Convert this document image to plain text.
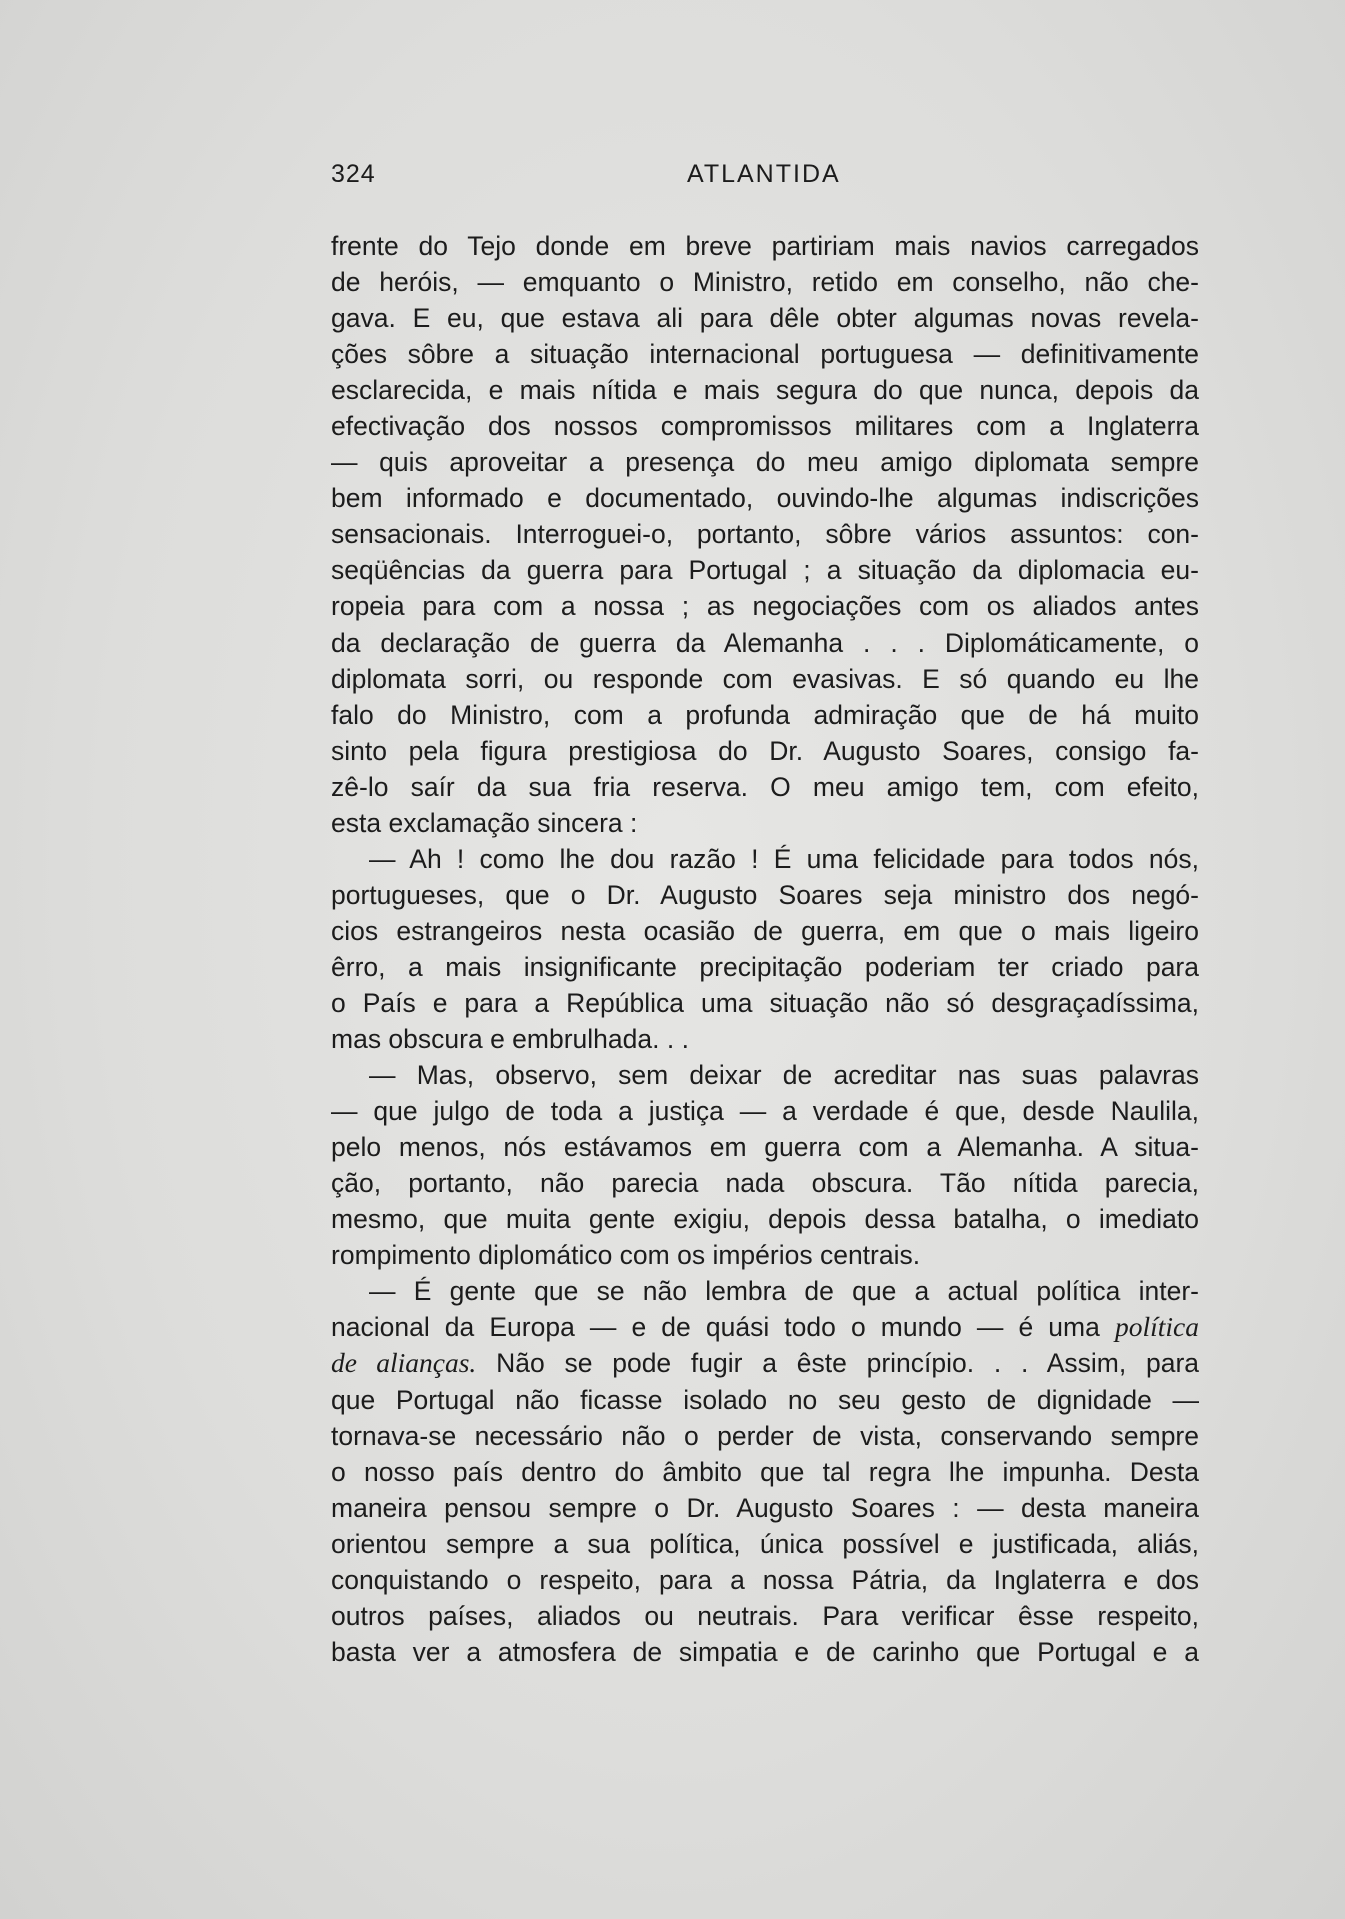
324	ATLANTIDA
frente do Tejo donde em breve partiriam mais navios carregados
de heróis, — emquanto o Ministro, retido em conselho, não che-
gava. E eu, que estava ali para dêle obter algumas novas revela-
ções sôbre a situação internacional portuguesa — definitivamente
esclarecida, e mais nítida e mais segura do que nunca, depois da
efectivação dos nossos compromissos militares com a Inglaterra
— quis aproveitar a presença do meu amigo diplomata sempre
bem informado e documentado, ouvindo-lhe algumas indiscrições
sensacionais. Interroguei-o, portanto, sôbre vários assuntos: con-
seqüências da guerra para Portugal ; a situação da diplomacia eu-
ropeia para com a nossa ; as negociações com os aliados antes
da declaração de guerra da Alemanha . . . Diplomáticamente, o
diplomata sorri, ou responde com evasivas. E só quando eu lhe
falo do Ministro, com a profunda admiração que de há muito
sinto pela figura prestigiosa do Dr. Augusto Soares, consigo fa-
zê-lo saír da sua fria reserva. O meu amigo tem, com efeito,
esta exclamação sincera :
— Ah ! como lhe dou razão ! É uma felicidade para todos nós,
portugueses, que o Dr. Augusto Soares seja ministro dos negó-
cios estrangeiros nesta ocasião de guerra, em que o mais ligeiro
êrro, a mais insignificante precipitação poderiam ter criado para
o País e para a República uma situação não só desgraçadíssima,
mas obscura e embrulhada. . .
— Mas, observo, sem deixar de acreditar nas suas palavras
— que julgo de toda a justiça — a verdade é que, desde Naulila,
pelo menos, nós estávamos em guerra com a Alemanha. A situa-
ção, portanto, não parecia nada obscura. Tão nítida parecia,
mesmo, que muita gente exigiu, depois dessa batalha, o imediato
rompimento diplomático com os impérios centrais.
— É gente que se não lembra de que a actual política inter-
nacional da Europa — e de quási todo o mundo — é uma política
de alianças. Não se pode fugir a êste princípio. . . Assim, para
que Portugal não ficasse isolado no seu gesto de dignidade —
tornava-se necessário não o perder de vista, conservando sempre
o nosso país dentro do âmbito que tal regra lhe impunha. Desta
maneira pensou sempre o Dr. Augusto Soares : — desta maneira
orientou sempre a sua política, única possível e justificada, aliás,
conquistando o respeito, para a nossa Pátria, da Inglaterra e dos
outros países, aliados ou neutrais. Para verificar êsse respeito,
basta ver a atmosfera de simpatia e de carinho que Portugal e a
